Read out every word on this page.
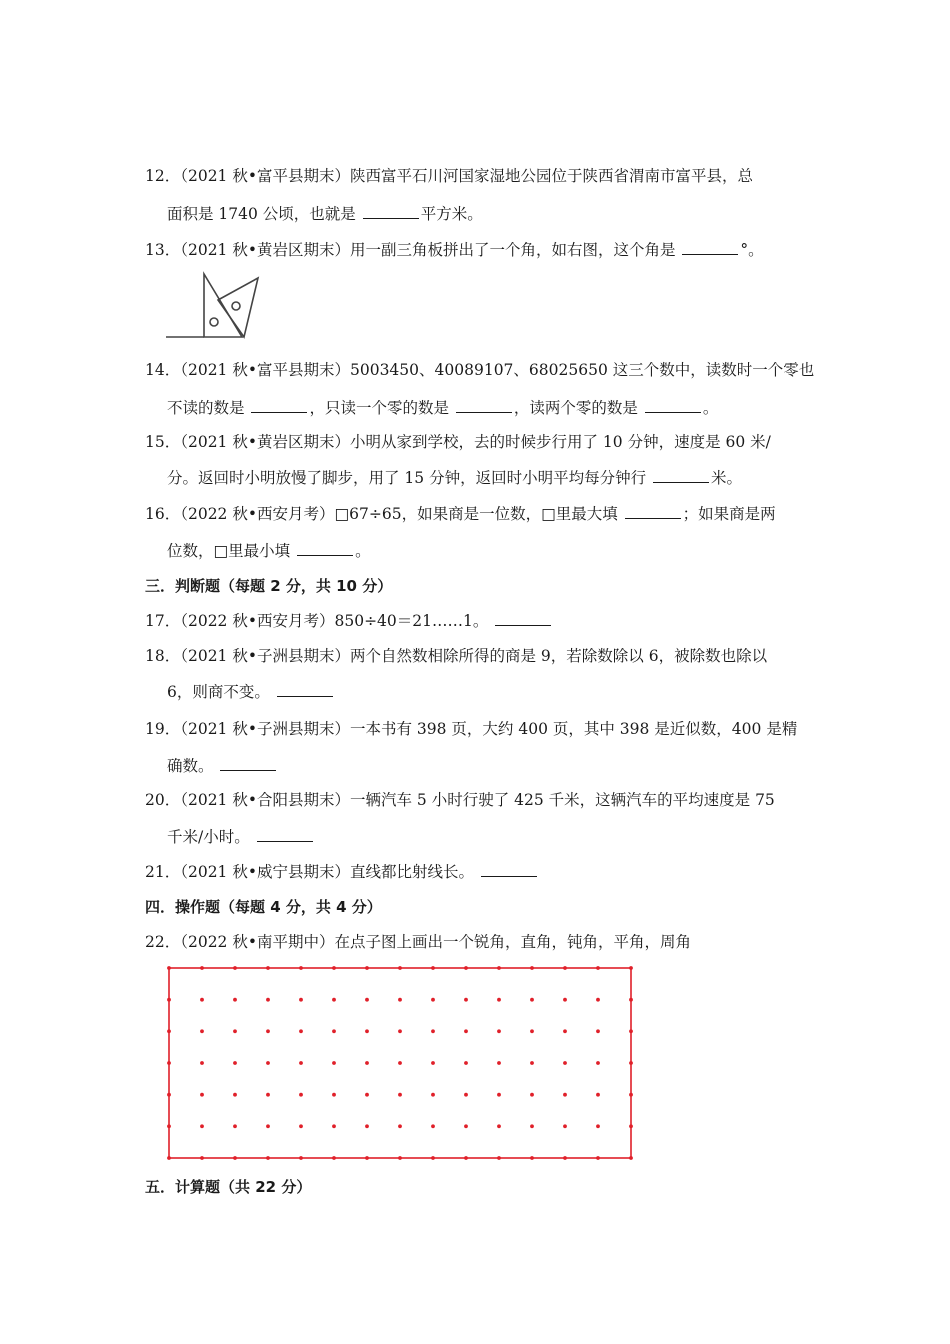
12．（2021 秋•富平县期末）陕西富平石川河国家湿地公园位于陕西省渭南市富平县，总
面积是 1740 公顷，也就是	平方米。
13．（2021 秋•黄岩区期末）用一副三角板拼出了一个角，如右图，这个角是	°。
14．（2021 秋•富平县期末）5003450、40089107、68025650 这三个数中，读数时一个零也
不读的数是	，只读一个零的数是	，读两个零的数是	。
15．（2021 秋•黄岩区期末）小明从家到学校，去的时候步行用了 10 分钟，速度是 60 米/
分。返回时小明放慢了脚步，用了 15 分钟，返回时小明平均每分钟行	米。
16．（2022 秋•西安月考）□67÷65，如果商是一位数，□里最大填	；如果商是两
位数，□里最小填	。
三．判断题（每题 2 分，共 10 分）
17．（2022 秋•西安月考）850÷40＝21……1。
18．（2021 秋•子洲县期末）两个自然数相除所得的商是 9，若除数除以 6，被除数也除以
6，则商不变。
19．（2021 秋•子洲县期末）一本书有 398 页，大约 400 页，其中 398 是近似数，400 是精
确数。
20．（2021 秋•合阳县期末）一辆汽车 5 小时行驶了 425 千米，这辆汽车的平均速度是 75
千米/小时。
21．（2021 秋•威宁县期末）直线都比射线长。
四．操作题（每题 4 分，共 4 分）
22．（2022 秋•南平期中）在点子图上画出一个锐角，直角，钝角，平角，周角
五．计算题（共 22 分）
